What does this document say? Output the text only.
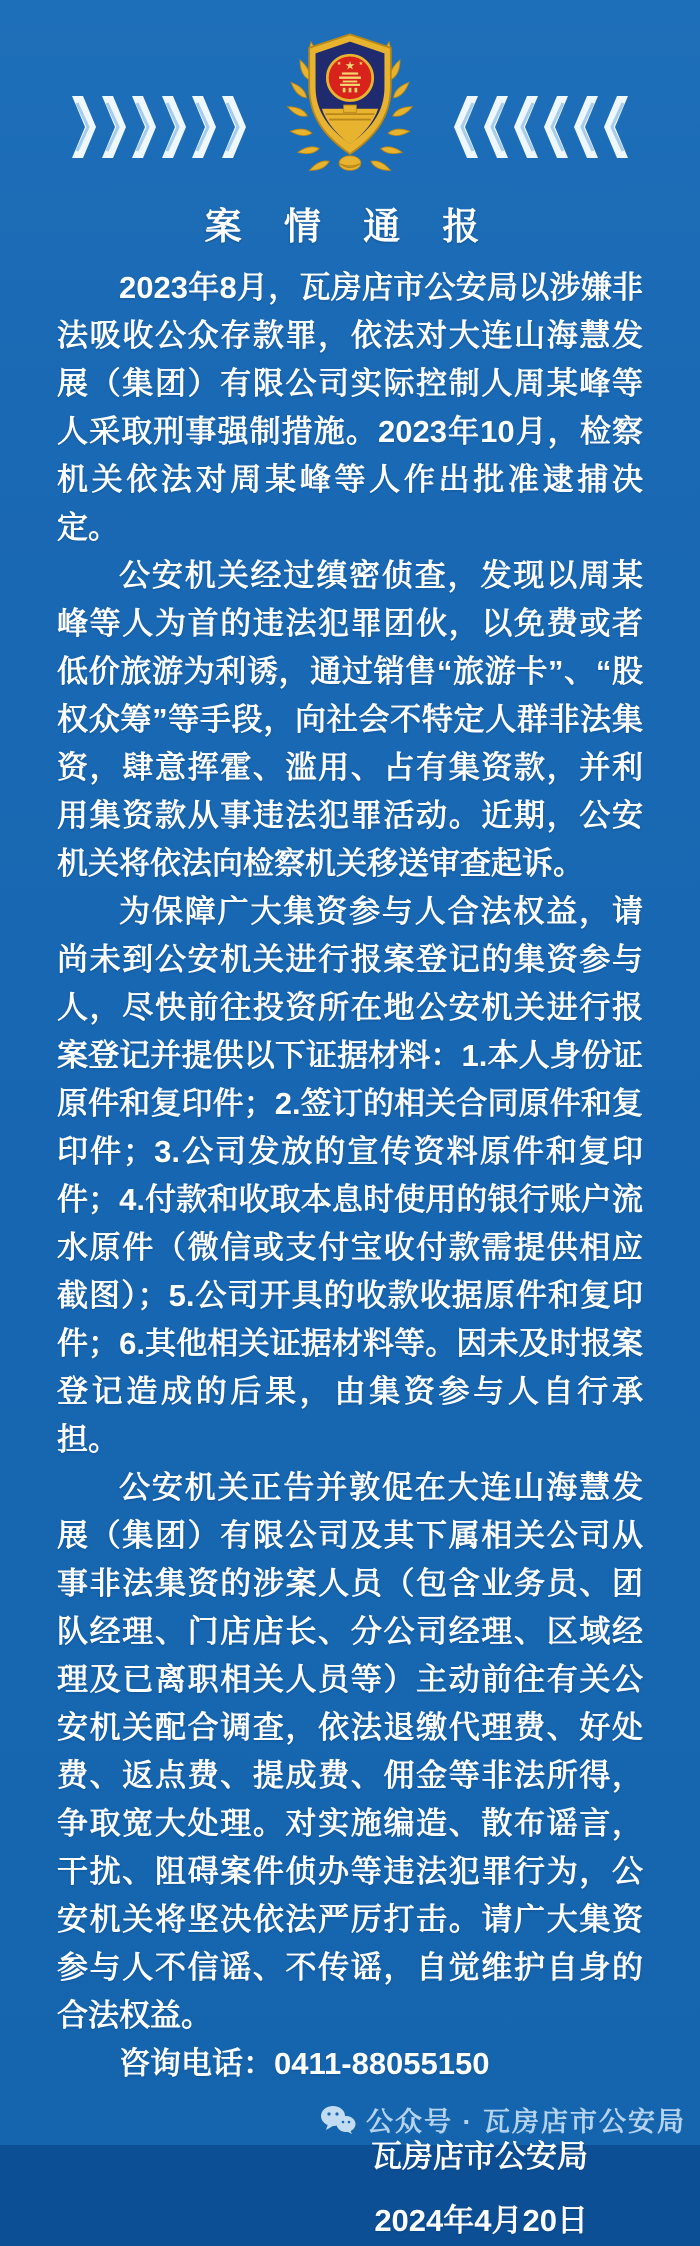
★
★	★
案 情 通 报

2023年8月，瓦房店市公安局以涉嫌非法吸收公众存款罪，依法对大连山海慧发展（集团）有限公司实际控制人周某峰等人采取刑事强制措施。2023年10月，检察机关依法对周某峰等人作出批准逮捕决定。

公安机关经过缜密侦查，发现以周某峰等人为首的违法犯罪团伙，以免费或者低价旅游为利诱，通过销售“旅游卡”、“股权众筹”等手段，向社会不特定人群非法集资，肆意挥霍、滥用、占有集资款，并利用集资款从事违法犯罪活动。近期，公安机关将依法向检察机关移送审查起诉。

为保障广大集资参与人合法权益，请尚未到公安机关进行报案登记的集资参与人，尽快前往投资所在地公安机关进行报案登记并提供以下证据材料：1.本人身份证原件和复印件；2.签订的相关合同原件和复印件；3.公司发放的宣传资料原件和复印件；4.付款和收取本息时使用的银行账户流水原件（微信或支付宝收付款需提供相应截图）；5.公司开具的收款收据原件和复印件；6.其他相关证据材料等。因未及时报案登记造成的后果，由集资参与人自行承担。

公安机关正告并敦促在大连山海慧发展（集团）有限公司及其下属相关公司从事非法集资的涉案人员（包含业务员、团队经理、门店店长、分公司经理、区域经理及已离职相关人员等）主动前往有关公安机关配合调查，依法退缴代理费、好处费、返点费、提成费、佣金等非法所得，争取宽大处理。对实施编造、散布谣言，干扰、阻碍案件侦办等违法犯罪行为，公安机关将坚决依法严厉打击。请广大集资参与人不信谣、不传谣，自觉维护自身的合法权益。

咨询电话：0411-88055150
瓦房店市公安局
2024年4月20日
公众号 · 瓦房店市公安局
